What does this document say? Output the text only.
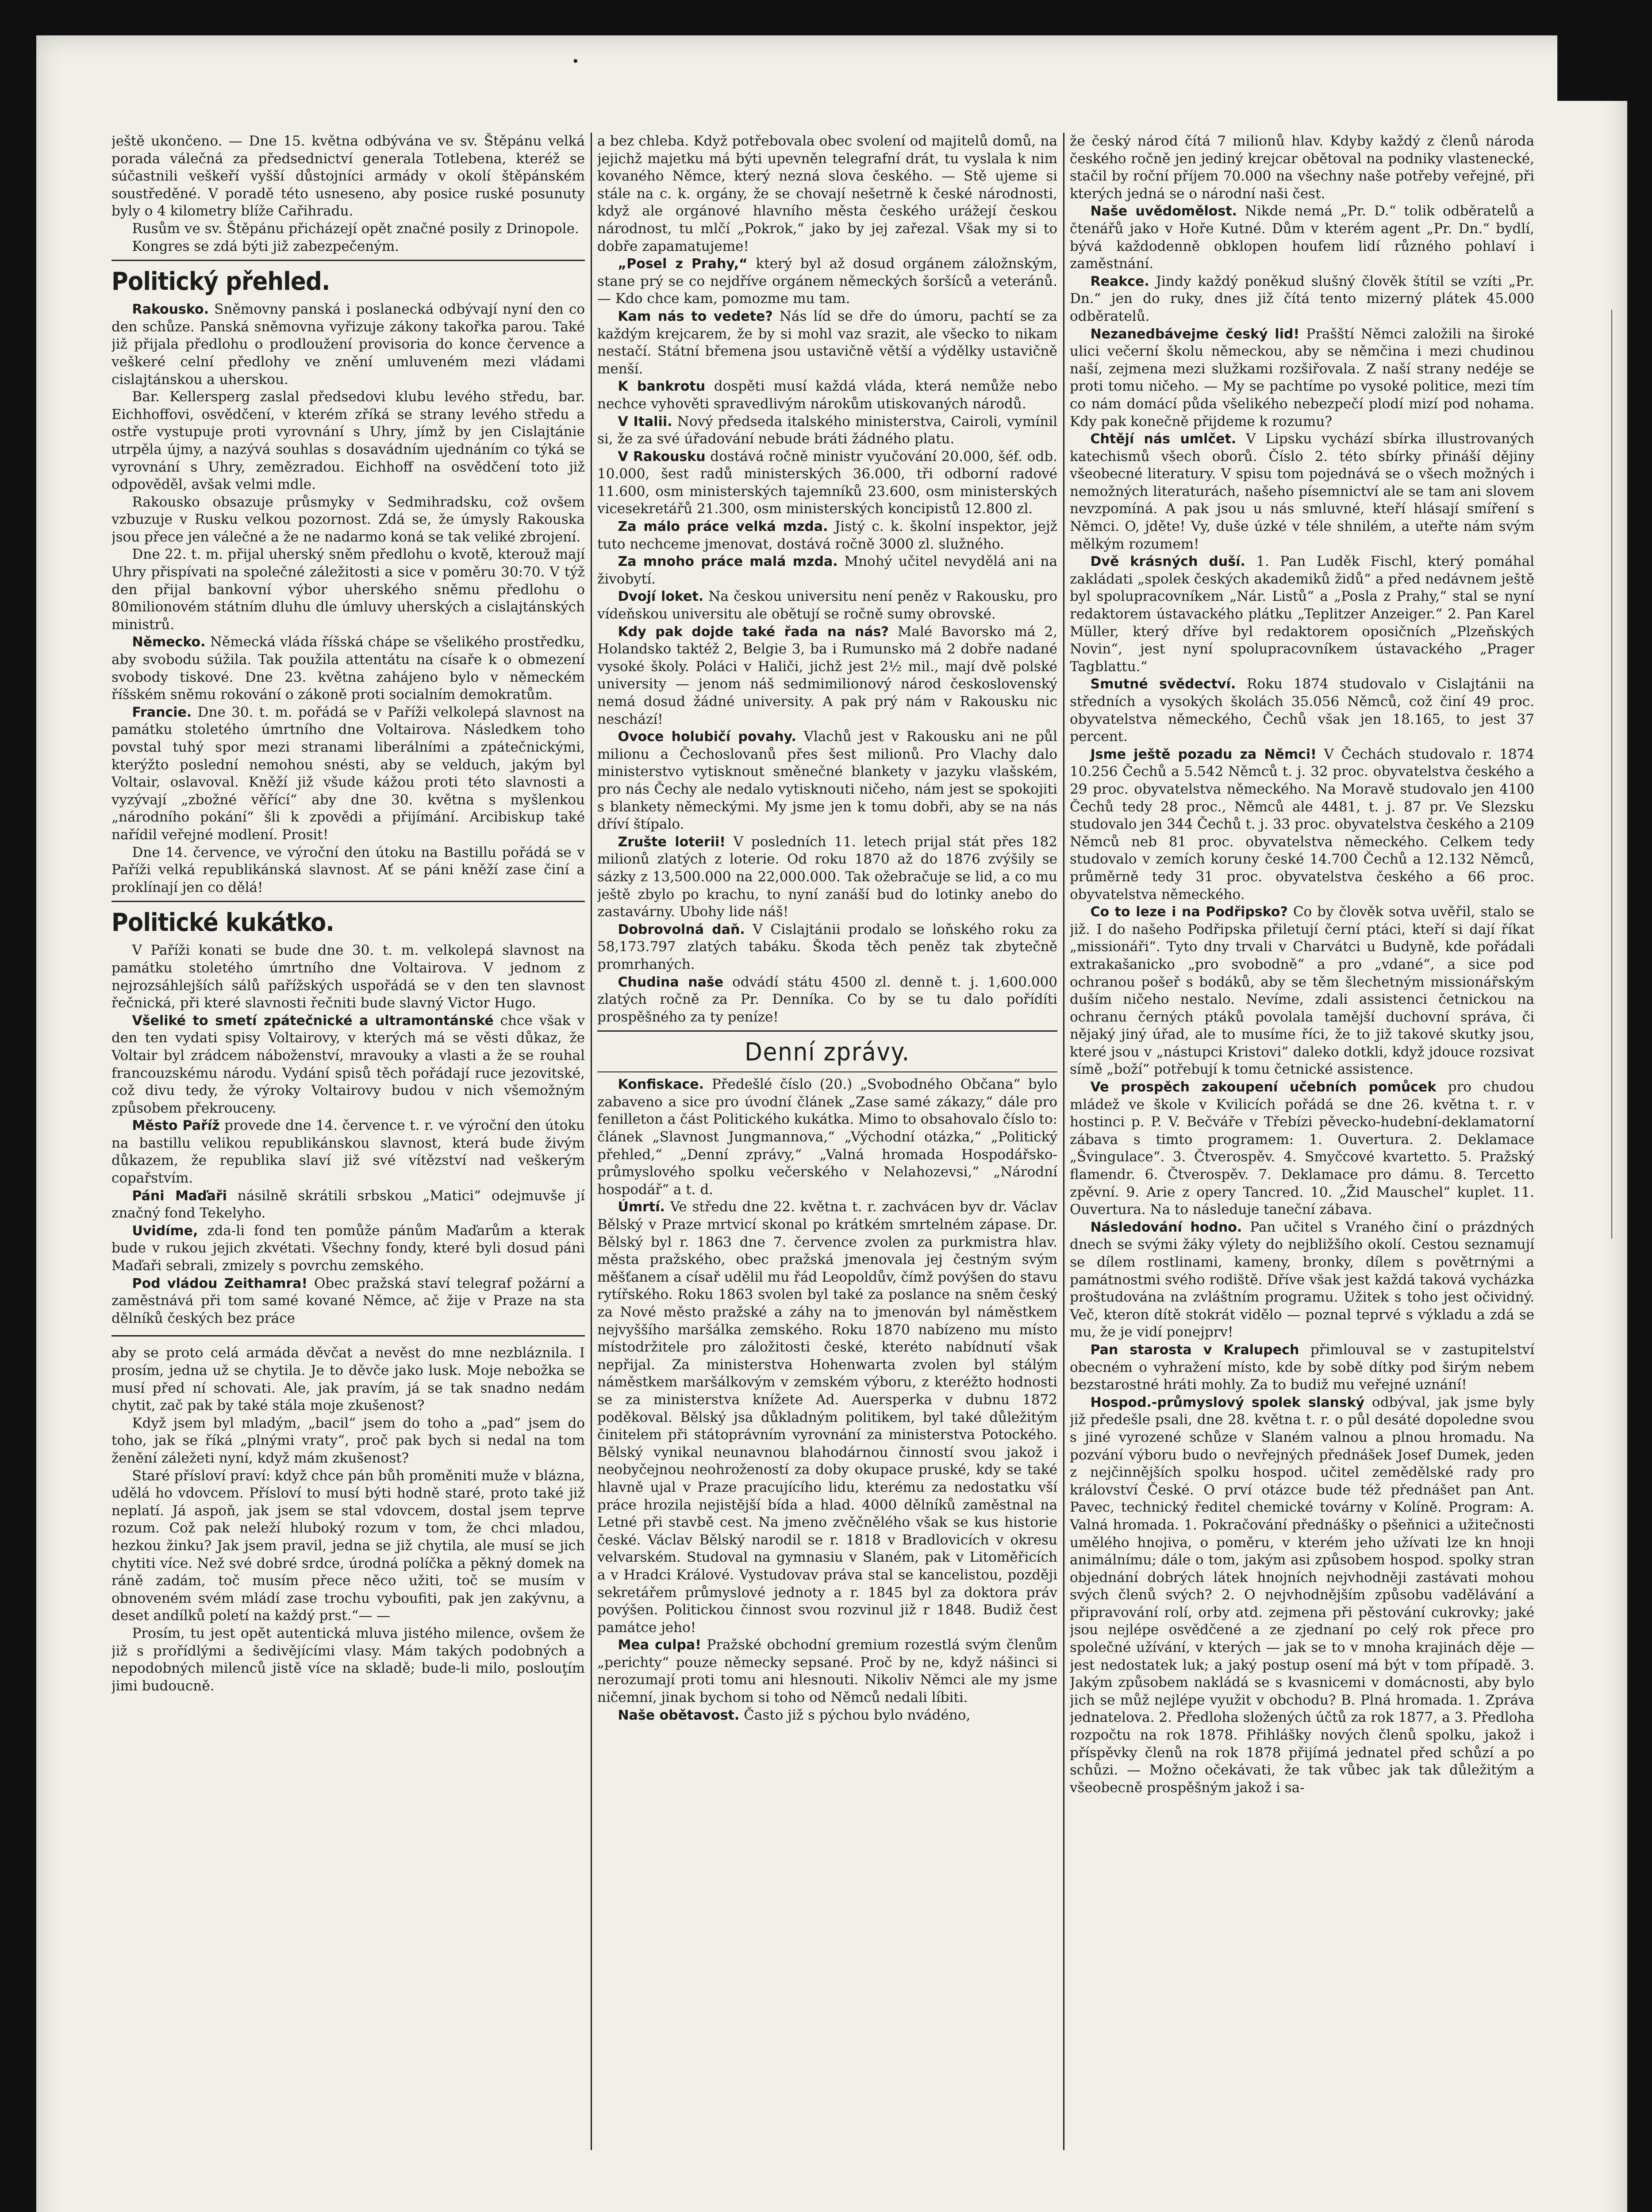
•

ještě ukončeno. — Dne 15. května odbývána ve sv. Štěpánu velká porada válečná za předsednictví generala Totlebena, kteréž se súčastnili veškeří vyšší důstojníci armády v okolí štěpánském soustředěné. V poradě této usneseno, aby posice ruské posunuty byly o 4 kilometry blíže Cařihradu.

Rusům ve sv. Štěpánu přicházejí opět značné posily z Drinopole.

Kongres se zdá býti již zabezpečeným.

Politický přehled.

Rakousko. Sněmovny panská i poslanecká odbývají nyní den co den schůze. Panská sněmovna vyřizuje zákony takořka parou. Také již přijala předlohu o prodloužení provisoria do konce července a veškeré celní předlohy ve znění umluveném mezi vládami cislajtánskou a uherskou.

Bar. Kellersperg zaslal předsedovi klubu levého středu, bar. Eichhoffovi, osvědčení, v kterém zříká se strany levého středu a ostře vystupuje proti vyrovnání s Uhry, jímž by jen Cislajtánie utrpěla újmy, a nazývá souhlas s dosavádním ujednáním co týká se vyrovnání s Uhry, zemězradou. Eichhoff na osvědčení toto již odpověděl, avšak velmi mdle.

Rakousko obsazuje průsmyky v Sedmihradsku, což ovšem vzbuzuje v Rusku velkou pozornost. Zdá se, že úmysly Rakouska jsou přece jen válečné a že ne nadarmo koná se tak veliké zbrojení.

Dne 22. t. m. přijal uherský sněm předlohu o kvotě, kterouž mají Uhry přispívati na společné záležitosti a sice v poměru 30:70. V týž den přijal bankovní výbor uherského sněmu předlohu o 80milionovém státním dluhu dle úmluvy uherských a cislajtánských ministrů.

Německo. Německá vláda říšská chápe se všelikého prostředku, aby svobodu súžila. Tak použila attentátu na císaře k o obmezení svobody tiskové. Dne 23. května zahájeno bylo v německém říšském sněmu rokování o zákoně proti socialním demokratům.

Francie. Dne 30. t. m. pořádá se v Paříži velkolepá slavnost na památku stoletého úmrtního dne Voltairova. Následkem toho povstal tuhý spor mezi stranami liberálními a zpátečnickými, kterýžto poslední nemohou snésti, aby se velduch, jakým byl Voltair, oslavoval. Kněží již všude kážou proti této slavnosti a vyzývají „zbožné věřící“ aby dne 30. května s myšlenkou „národního pokání“ šli k zpovědi a přijímání. Arcibiskup také nařídil veřejné modlení. Prosit!

Dne 14. července, ve výroční den útoku na Bastillu pořádá se v Paříži velká republikánská slavnost. Ať se páni kněží zase činí a proklínají jen co dělá!

Politické kukátko.

V Paříži konati se bude dne 30. t. m. velkolepá slavnost na památku stoletého úmrtního dne Voltairova. V jednom z nejrozsáhlejších sálů pařížských uspořádá se v den ten slavnost řečnická, při které slavnosti řečniti bude slavný Victor Hugo.

Všeliké to smetí zpátečnické a ultramontánské chce však v den ten vydati spisy Voltairovy, v kterých má se věsti důkaz, že Voltair byl zrádcem náboženství, mravouky a vlasti a že se rouhal francouzskému národu. Vydání spisů těch pořádají ruce jezovitské, což divu tedy, že výroky Voltairovy budou v nich všemožným způsobem překrouceny.

Město Paříž provede dne 14. července t. r. ve výroční den útoku na bastillu velikou republikánskou slavnost, která bude živým důkazem, že republika slaví již své vítězství nad veškerým copařstvím.

Páni Maďaři násilně skrátili srbskou „Matici“ odejmuvše jí značný fond Tekelyho.

Uvidíme, zda-li fond ten pomůže pánům Maďarům a kterak bude v rukou jejich zkvétati. Všechny fondy, které byli dosud páni Maďaři sebrali, zmizely s povrchu zemského.

Pod vládou Zeithamra! Obec pražská staví telegraf požární a zaměstnává při tom samé kované Němce, ač žije v Praze na sta dělníků českých bez práce

aby se proto celá armáda děvčat a nevěst do mne nezbláznila. I prosím, jedna už se chytila. Je to děvče jako lusk. Moje nebožka se musí před ní schovati. Ale, jak pravím, já se tak snadno nedám chytit, zač pak by také stála moje zkušenost?

Když jsem byl mladým, „bacil“ jsem do toho a „pad“ jsem do toho, jak se říká „plnými vraty“, proč pak bych si nedal na tom ženění záležeti nyní, když mám zkušenost?

Staré přísloví praví: když chce pán bůh proměniti muže v blázna, udělá ho vdovcem. Přísloví to musí býti hodně staré, proto také již neplatí. Já aspoň, jak jsem se stal vdovcem, dostal jsem teprve rozum. Což pak neleží hluboký rozum v tom, že chci mladou, hezkou žinku? Jak jsem pravil, jedna se již chytila, ale musí se jich chytiti více. Než své dobré srdce, úrodná políčka a pěkný domek na ráně zadám, toč musím přece něco užiti, toč se musím v obnoveném svém mládí zase trochu vyboufiti, pak jen zakývnu, a deset andílků poletí na každý prst.“— —

Prosím, tu jest opět autentická mluva jistého milence, ovšem že již s prořídlými a šedivějícími vlasy. Mám takých podobných a nepodobných milenců jistě více na skladě; bude-li milo, poslouţím jimi budoucně.

a bez chleba. Když potřebovala obec svolení od majitelů domů, na jejichž majetku má býti upevněn telegrafní drát, tu vyslala k nim kovaného Němce, který nezná slova českého. — Stě ujeme si stále na c. k. orgány, že se chovají nešetrně k české národnosti, když ale orgánové hlavního města českého urážejí českou národnost, tu mlčí „Pokrok,“ jako by jej zařezal. Však my si to dobře zapamatujeme!

„Posel z Prahy,“ který byl až dosud orgánem záložnským, stane prý se co nejdříve orgánem německých šoršíců a veteránů. — Kdo chce kam, pomozme mu tam.

Kam nás to vedete? Nás líd se dře do úmoru, pachtí se za každým krejcarem, že by si mohl vaz srazit, ale všecko to nikam nestačí. Státní břemena jsou ustavičně větší a výdělky ustavičně menší.

K bankrotu dospěti musí každá vláda, která nemůže nebo nechce vyhověti spravedlivým nárokům utiskovaných národů.

V Italii. Nový předseda italského ministerstva, Cairoli, vymínil si, že za své úřadování nebude bráti žádného platu.

V Rakousku dostává ročně ministr vyučování 20.000, šéf. odb. 10.000, šest radů ministerských 36.000, tři odborní radové 11.600, osm ministerských tajemníků 23.600, osm ministerských vicesekretářů 21.300, osm ministerských koncipistů 12.800 zl.

Za málo práce velká mzda. Jistý c. k. školní inspektor, jejž tuto nechceme jmenovat, dostává ročně 3000 zl. služného.

Za mnoho práce malá mzda. Mnohý učitel nevydělá ani na živobytí.

Dvojí loket. Na českou universitu není peněz v Rakousku, pro vídeňskou universitu ale obětují se ročně sumy obrovské.

Kdy pak dojde také řada na nás? Malé Bavorsko má 2, Holandsko taktéž 2, Belgie 3, ba i Rumunsko má 2 dobře nadané vysoké školy. Poláci v Haliči, jichž jest 2½ mil., mají dvě polské university — jenom náš sedmimilionový národ československý nemá dosud žádné university. A pak prý nám v Rakousku nic neschází!

Ovoce holubičí povahy. Vlachů jest v Rakousku ani ne půl milionu a Čechoslovanů přes šest milionů. Pro Vlachy dalo ministerstvo vytisknout směnečné blankety v jazyku vlašském, pro nás Čechy ale nedalo vytisknouti ničeho, nám jest se spokojiti s blankety německými. My jsme jen k tomu dobři, aby se na nás dříví štípalo.

Zrušte loterii! V posledních 11. letech prijal stát přes 182 milionů zlatých z loterie. Od roku 1870 až do 1876 zvýšily se sázky z 13,500.000 na 22,000.000. Tak ožebračuje se lid, a co mu ještě zbylo po krachu, to nyní zanáší bud do lotinky anebo do zastavárny. Ubohy lide náš!

Dobrovolná daň. V Cislajtánii prodalo se loňského roku za 58,173.797 zlatých tabáku. Škoda těch peněz tak zbytečně promrhaných.

Chudina naše odvádí státu 4500 zl. denně t. j. 1,600.000 zlatých ročně za Pr. Denníka. Co by se tu dalo pořídíti prospěšného za ty peníze!

Denní zprávy.

Konfiskace. Předešlé číslo (20.) „Svobodného Občana“ bylo zabaveno a sice pro úvodní článek „Zase samé zákazy,“ dále pro fenilleton a část Politického kukátka. Mimo to obsahovalo číslo to: článek „Slavnost Jungmannova,“ „Východní otázka,“ „Politický přehled,“ „Denní zprávy,“ „Valná hromada Hospodářsko-průmyslového spolku večerského v Nelahozevsi,“ „Národní hospodář“ a t. d.

Úmrtí. Ve středu dne 22. května t. r. zachvácen byv dr. Václav Bělský v Praze mrtvicí skonal po krátkém smrtelném zápase. Dr. Bělský byl r. 1863 dne 7. července zvolen za purkmistra hlav. města pražského, obec pražská jmenovala jej čestným svým měšťanem a císař udělil mu řád Leopoldův, čímž povýšen do stavu rytířského. Roku 1863 svolen byl také za poslance na sněm český za Nové město pražské a záhy na to jmenován byl náměstkem nejvyššího maršálka zemského. Roku 1870 nabízeno mu místo místodržitele pro záložitosti české, kteréto nabídnutí však nepřijal. Za ministerstva Hohenwarta zvolen byl stálým náměstkem maršálkovým v zemském výboru, z kteréžto hodnosti se za ministerstva knížete Ad. Auersperka v dubnu 1872 poděkoval. Bělský jsa důkladným politikem, byl také důležitým činitelem při státoprávním vyrovnání za ministerstva Potockého. Bělský vynikal neunavnou blahodárnou činností svou jakož i neobyčejnou neohrožeností za doby okupace pruské, kdy se také hlavně ujal v Praze pracujícího lidu, kterému za nedostatku vší práce hrozila nejistější bída a hlad. 4000 dělníků zaměstnal na Letné při stavbě cest. Na jmeno zvěčnělého však se kus historie české. Václav Bělský narodil se r. 1818 v Bradlovicích v okresu velvarském. Studoval na gymnasiu v Slaném, pak v Litoměřicích a v Hradci Králové. Vystudovav práva stal se kancelistou, později sekretářem průmyslové jednoty a r. 1845 byl za doktora práv povýšen. Politickou činnost svou rozvinul již r 1848. Budiž čest památce jeho!

Mea culpa! Pražské obchodní gremium rozestlá svým členům „perichty“ pouze německy sepsané. Proč by ne, když nášinci si nerozumají proti tomu ani hlesnouti. Nikoliv Němci ale my jsme ničemní, jinak bychom si toho od Němců nedali líbiti.

Naše obětavost. Často již s pýchou bylo nvádéno,

že český národ čítá 7 milionů hlav. Kdyby každý z členů národa českého ročně jen jediný krejcar obětoval na podniky vlastenecké, stačil by roční příjem 70.000 na všechny naše potřeby veřejné, při kterých jedná se o národní naši čest.

Naše uvědomělost. Nikde nemá „Pr. D.“ tolik odběratelů a čtenářů jako v Hoře Kutné. Dům v kterém agent „Pr. Dn.“ bydlí, bývá každodenně obklopen houfem lidí různého pohlaví i zaměstnání.

Reakce. Jindy každý poněkud slušný člověk štítil se vzíti „Pr. Dn.“ jen do ruky, dnes již čítá tento mizerný plátek 45.000 odběratelů.

Nezanedbávejme český lid! Prašští Němci založili na široké ulici večerní školu německou, aby se němčina i mezi chudinou naší, zejmena mezi služkami rozšiřovala. Z naší strany nedéje se proti tomu ničeho. — My se pachtíme po vysoké politice, mezi tím co nám domácí půda všelikého nebezpečí plodí mizí pod nohama. Kdy pak konečně přijdeme k rozumu?

Chtějí nás umlčet. V Lipsku vychází sbírka illustrovaných katechismů všech oborů. Číslo 2. této sbírky přináší dějiny všeobecné literatury. V spisu tom pojednává se o všech možných i nemožných literaturách, našeho písemnictví ale se tam ani slovem nevzpomíná. A pak jsou u nás smluvné, kteří hlásají smíření s Němci. O, jděte! Vy, duše úzké v téle shnilém, a uteřte nám svým mělkým rozumem!

Dvě krásných duší. 1. Pan Luděk Fischl, který pomáhal zakládati „spolek českých akademiků židů“ a před nedávnem ještě byl spolupracovníkem „Nár. Listů“ a „Posla z Prahy,“ stal se nyní redaktorem ústavackého plátku „Teplitzer Anzeiger.“ 2. Pan Karel Müller, který dříve byl redaktorem oposičních „Plzeňských Novin“, jest nyní spolupracovníkem ústavackého „Prager Tagblattu.“

Smutné svědectví. Roku 1874 studovalo v Cislajtánii na středních a vysokých školách 35.056 Němců, což činí 49 proc. obyvatelstva německého, Čechů však jen 18.165, to jest 37 percent.

Jsme ještě pozadu za Němci! V Čechách studovalo r. 1874 10.256 Čechů a 5.542 Němců t. j. 32 proc. obyvatelstva českého a 29 proc. obyvatelstva německého. Na Moravě studovalo jen 4100 Čechů tedy 28 proc., Němců ale 4481, t. j. 87 pr. Ve Slezsku studovalo jen 344 Čechů t. j. 33 proc. obyvatelstva českého a 2109 Němců neb 81 proc. obyvatelstva německého. Celkem tedy studovalo v zemích koruny české 14.700 Čechů a 12.132 Němců, průměrně tedy 31 proc. obyvatelstva českého a 66 proc. obyvatelstva německého.

Co to leze i na Podřipsko? Co by člověk sotva uvěřil, stalo se již. I do našeho Podřipska přiletují černí ptáci, kteří si dají říkat „missionáři“. Tyto dny trvali v Charvátci u Budyně, kde pořádali extrakašanicko „pro svobodně“ a pro „vdané“, a sice pod ochranou pošeř s bodáků, aby se těm šlechetným missionářským duším ničeho nestalo. Nevíme, zdali assistenci četnickou na ochranu černých ptáků povolala tamější duchovní správa, či nějaký jiný úřad, ale to musíme říci, že to již takové skutky jsou, které jsou v „nástupci Kristovi“ daleko dotkli, když jdouce rozsivat símě „boží“ potřebují k tomu četnické assistence.

Ve prospěch zakoupení učebních pomůcek pro chudou mládež ve škole v Kvilicích pořádá se dne 26. května t. r. v hostinci p. P. V. Bečváře v Třebízi pěvecko-hudební-deklamatorní zábava s timto programem: 1. Ouvertura. 2. Deklamace „Švingulace“. 3. Čtverospěv. 4. Smyčcové kvartetto. 5. Pražský flamendr. 6. Čtverospěv. 7. Deklamace pro dámu. 8. Tercetto zpěvní. 9. Arie z opery Tancred. 10. „Žid Mauschel“ kuplet. 11. Ouvertura. Na to následuje taneční zábava.

Následování hodno. Pan učitel s Vraného činí o prázdných dnech se svými žáky výlety do nejbližšího okolí. Cestou seznamují se dílem rostlinami, kameny, bronky, dílem s povětrnými a památnostmi svého rodiště. Dříve však jest každá taková vycházka proštudována na zvláštním programu. Užitek s toho jest očividný. Več, kteron dítě stokrát vidělo — poznal teprvé s výkladu a zdá se mu, že je vidí ponejprv!

Pan starosta v Kralupech přimlouval se v zastupitelství obecném o vyhražení místo, kde by sobě dítky pod širým nebem bezstarostné hráti mohly. Za to budiž mu veřejné uznání!

Hospod.-průmyslový spolek slanský odbýval, jak jsme byly již předešle psali, dne 28. května t. r. o půl desáté dopoledne svou s jiné vyrozené schůze v Slaném valnou a plnou hromadu. Na pozvání výboru budo o nevřejných přednášek Josef Dumek, jeden z nejčinnějších spolku hospod. učitel zemědělské rady pro království České. O prví otázce bude též přednášet pan Ant. Pavec, technický ředitel chemické továrny v Kolíně. Program: A. Valná hromada. 1. Pokračování přednášky o pšeňnici a užitečnosti umělého hnojiva, o poměru, v kterém jeho užívati lze kn hnoji animálnímu; dále o tom, jakým asi způsobem hospod. spolky stran objednání dobrých látek hnojních nejvhodněji zastávati mohou svých členů svých? 2. O nejvhodnějším způsobu vadělávání a připravování rolí, orby atd. zejmena při pěstování cukrovky; jaké jsou nejlépe osvědčené a ze zjednaní po celý rok přece pro společné užívání, v kterých — jak se to v mnoha krajinách děje — jest nedostatek luk; a jaký postup osení má být v tom případě. 3. Jakým způsobem nakládá se s kvasnicemi v domácnosti, aby bylo jich se můž nejlépe využit v obchodu? B. Plná hromada. 1. Zpráva jednatelova. 2. Předloha složených účtů za rok 1877, a 3. Předloha rozpočtu na rok 1878. Přihlášky nových členů spolku, jakož i příspěvky členů na rok 1878 přijímá jednatel před schůzí a po schůzi. — Možno očekávati, že tak vůbec jak tak důležitým a všeobecně prospěšným jakož i sa-
